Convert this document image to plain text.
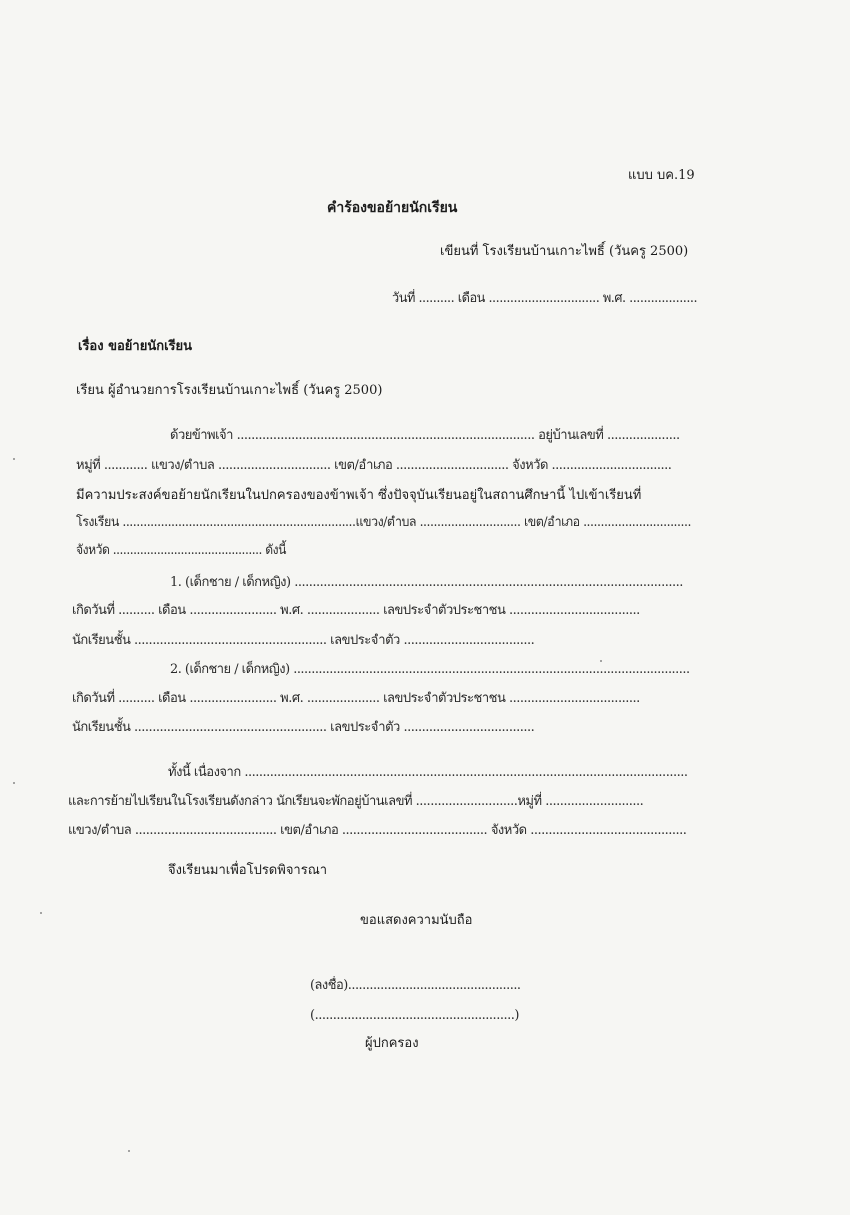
แบบ บค.19
คำร้องขอย้ายนักเรียน
เขียนที่ โรงเรียนบ้านเกาะไพธิ์ (วันครู 2500)
วันที่ .......... เดือน ............................... พ.ศ. ...................
เรื่อง ขอย้ายนักเรียน
เรียน ผู้อำนวยการโรงเรียนบ้านเกาะไพธิ์ (วันครู 2500)
ด้วยข้าพเจ้า .................................................................................. อยู่บ้านเลขที่ ....................
หมู่ที่ ............ แขวง/ตำบล ............................... เขต/อำเภอ ............................... จังหวัด .................................
มีความประสงค์ขอย้ายนักเรียนในปกครองของข้าพเจ้า ซึ่งปัจจุบันเรียนอยู่ในสถานศึกษานี้ ไปเข้าเรียนที่
โรงเรียน ...................................................................แขวง/ตำบล ............................. เขต/อำเภอ ...............................
จังหวัด ............................................ ดังนี้
1. (เด็กชาย / เด็กหญิง) ...........................................................................................................
เกิดวันที่ .......... เดือน ........................ พ.ศ. .................... เลขประจำตัวประชาชน ....................................
นักเรียนชั้น ..................................................... เลขประจำตัว ....................................
2. (เด็กชาย / เด็กหญิง) ..............................................................................................................
เกิดวันที่ .......... เดือน ........................ พ.ศ. .................... เลขประจำตัวประชาชน ....................................
นักเรียนชั้น ..................................................... เลขประจำตัว ....................................
ทั้งนี้ เนื่องจาก ..........................................................................................................................
และการย้ายไปเรียนในโรงเรียนดังกล่าว นักเรียนจะพักอยู่บ้านเลขที่ ............................หมู่ที่ ...........................
แขวง/ตำบล ....................................... เขต/อำเภอ ........................................ จังหวัด ...........................................
จึงเรียนมาเพื่อโปรดพิจารณา
ขอแสดงความนับถือ
(ลงชื่อ)................................................
(.......................................................)
ผู้ปกครอง
